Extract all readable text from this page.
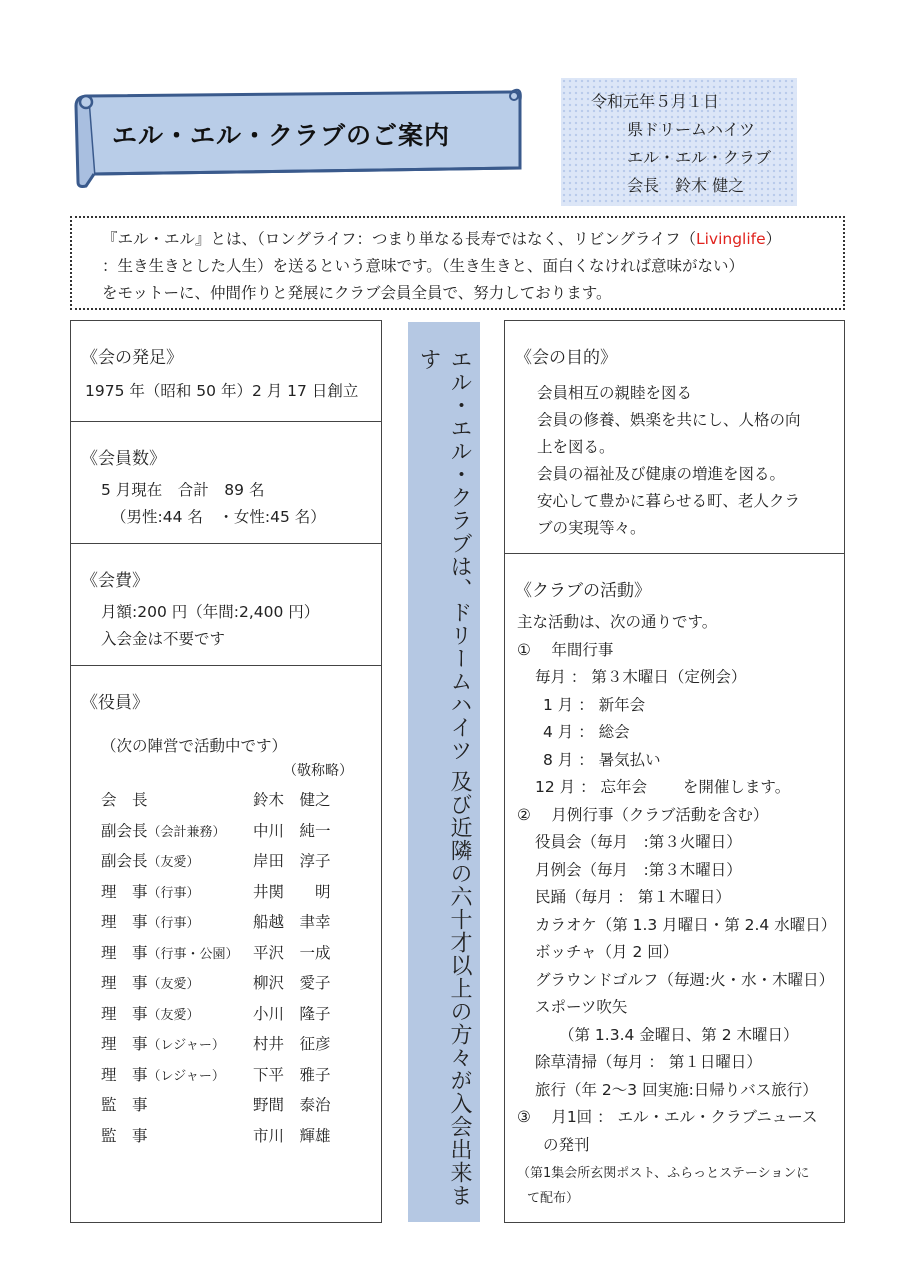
エル・エル・クラブのご案内
令和元年５月１日
県ドリームハイツ
エル・エル・クラブ
会長　鈴木 健之
『エル・エル』とは、（ロングライフ：つまり単なる長寿ではなく、リビングライフ（Livinglife）
：生き生きとした人生）を送るという意味です。（生き生きと、面白くなければ意味がない）
をモットーに、仲間作りと発展にクラブ会員全員で、努力しております。
《会の発足》
1975 年（昭和 50 年）2 月 17 日創立
《会員数》
5 月現在　合計　89 名
（男性:44 名　・女性:45 名）
《会費》
月額:200 円（年間:2,400 円）
入会金は不要です
《役員》
（次の陣営で活動中です）
（敬称略）
会　長	鈴木　健之
副会長（会計兼務）	中川　純一
副会長（友愛）	岸田　淳子
理　事（行事）	井関　　明
理　事（行事）	船越　聿幸
理　事（行事・公園） 平沢　一成
理　事（友愛）	柳沢　愛子
理　事（友愛）	小川　隆子
理　事（レジャー）	村井　征彦
理　事（レジャー）	下平　雅子
監　事	野間　泰治
監　事	市川　輝雄	エル・エル・クラブは、ドリームハイツ 及び近隣の六十才以上の方々が入会出来ます	《会の目的》
会員相互の親睦を図る
会員の修養、娯楽を共にし、人格の向
上を図る。
会員の福祉及び健康の増進を図る。
安心して豊かに暮らせる町、老人クラ
ブの実現等々。
《クラブの活動》
主な活動は、次の通りです。
①　 年間行事
毎月 ： 第３木曜日（定例会）
1 月 ： 新年会
4 月 ： 総会
8 月 ： 暑気払い
12 月 ： 忘年会　　 を開催します。
②　 月例行事（クラブ活動を含む）
役員会（毎月　:第３火曜日）
月例会（毎月　:第３木曜日）
民踊（毎月 ： 第１木曜日）
カラオケ（第 1.3 月曜日・第 2.4 水曜日）
ボッチャ（月 2 回）
グラウンドゴルフ（毎週:火・水・木曜日）
スポーツ吹矢
（第 1.3.4 金曜日、第 2 木曜日）
除草清掃（毎月 ： 第１日曜日）
旅行（年 2～3 回実施:日帰りバス旅行）
③　 月1回 ： エル・エル・クラブニュース
の発刊
（第1集会所玄関ポスト、ふらっとステーションに
て配布）
